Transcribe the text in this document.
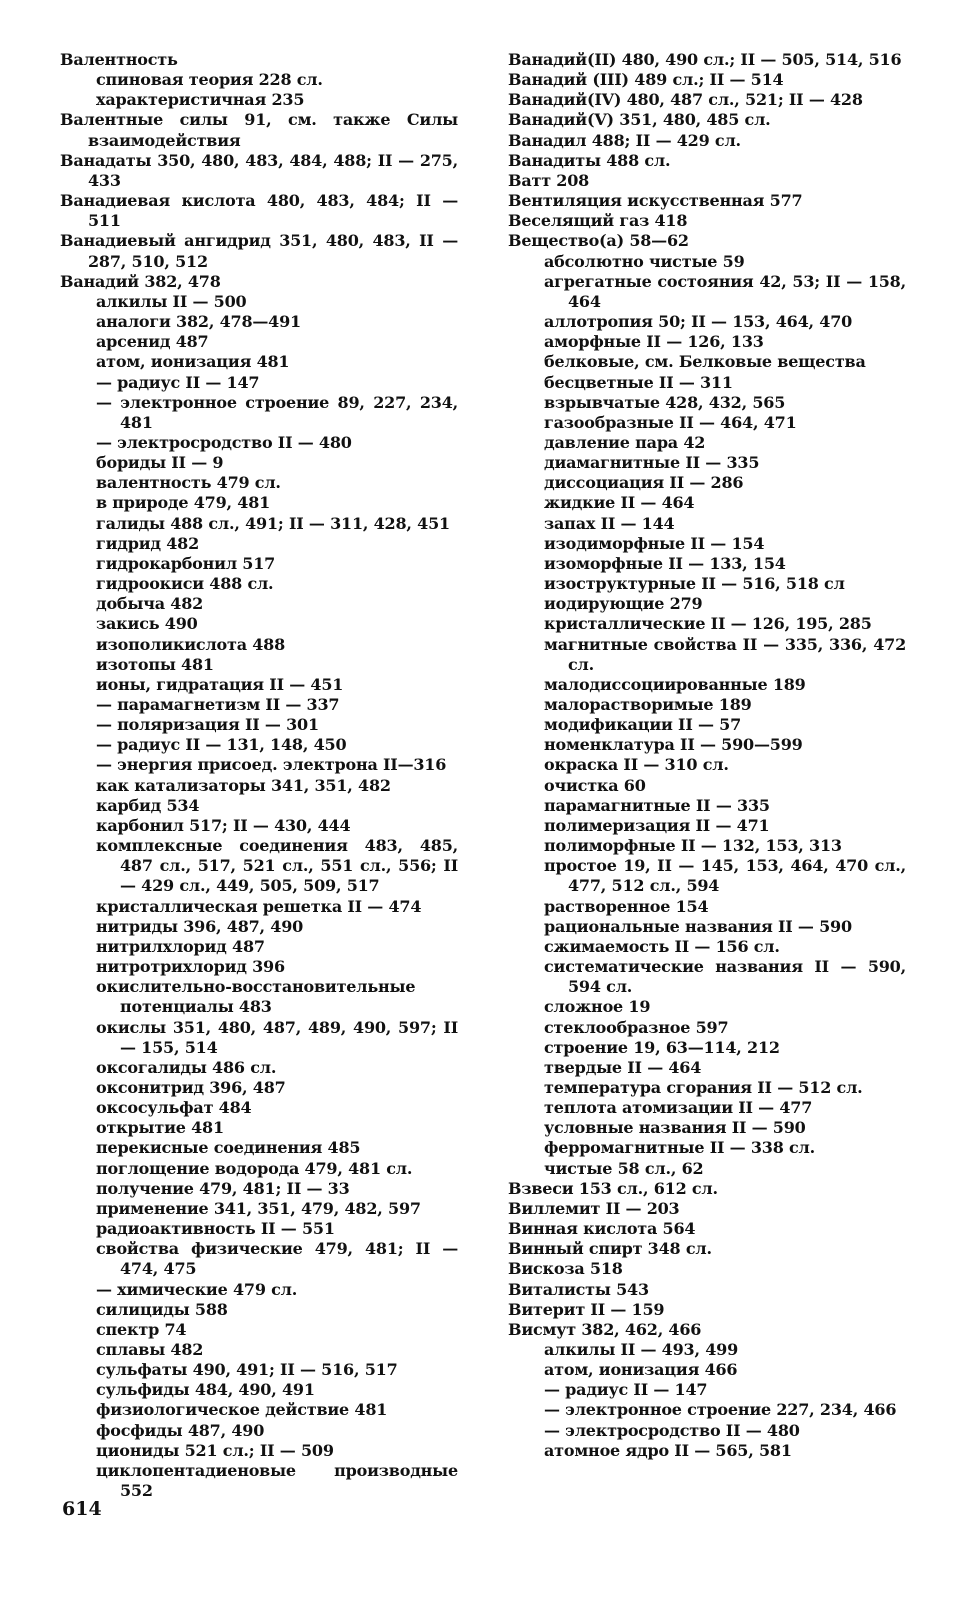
Валентность
спиновая теория 228 сл.
характеристичная 235
Валентные силы 91, см. также Силы взаимодействия
Ванадаты 350, 480, 483, 484, 488; II — 275, 433
Ванадиевая кислота 480, 483, 484; II — 511
Ванадиевый ангидрид 351, 480, 483, II — 287, 510, 512
Ванадий 382, 478
алкилы II — 500
аналоги 382, 478—491
арсенид 487
атом, ионизация 481
— радиус II — 147
— электронное строение 89, 227, 234, 481
— электросродство II — 480
бориды II — 9
валентность 479 сл.
в природе 479, 481
галиды 488 сл., 491; II — 311, 428, 451
гидрид 482
гидрокарбонил 517
гидроокиси 488 сл.
добыча 482
закись 490
изополикислота 488
изотопы 481
ионы, гидратация II — 451
— парамагнетизм II — 337
— поляризация II — 301
— радиус II — 131, 148, 450
— энергия присоед. электрона II—316
как катализаторы 341, 351, 482
карбид 534
карбонил 517; II — 430, 444
комплексные соединения 483, 485, 487 сл., 517, 521 сл., 551 сл., 556; II — 429 сл., 449, 505, 509, 517
кристаллическая решетка II — 474
нитриды 396, 487, 490
нитрилхлорид 487
нитротрихлорид 396
окислительно-восстановительные потенциалы 483
окислы 351, 480, 487, 489, 490, 597; II — 155, 514
оксогалиды 486 сл.
оксонитрид 396, 487
оксосульфат 484
открытие 481
перекисные соединения 485
поглощение водорода 479, 481 сл.
получение 479, 481; II — 33
применение 341, 351, 479, 482, 597
радиоактивность II — 551
свойства физические 479, 481; II — 474, 475
— химические 479 сл.
силициды 588
спектр 74
сплавы 482
сульфаты 490, 491; II — 516, 517
сульфиды 484, 490, 491
физиологическое действие 481
фосфиды 487, 490
циониды 521 сл.; II — 509
циклопентадиеновые производные 552
Ванадий(II) 480, 490 сл.; II — 505, 514, 516
Ванадий (III) 489 сл.; II — 514
Ванадий(IV) 480, 487 сл., 521; II — 428
Ванадий(V) 351, 480, 485 сл.
Ванадил 488; II — 429 сл.
Ванадиты 488 сл.
Ватт 208
Вентиляция искусственная 577
Веселящий газ 418
Вещество(а) 58—62
абсолютно чистые 59
агрегатные состояния 42, 53; II — 158, 464
аллотропия 50; II — 153, 464, 470
аморфные II — 126, 133
белковые, см. Белковые вещества
бесцветные II — 311
взрывчатые 428, 432, 565
газообразные II — 464, 471
давление пара 42
диамагнитные II — 335
диссоциация II — 286
жидкие II — 464
запах II — 144
изодиморфные II — 154
изоморфные II — 133, 154
изоструктурные II — 516, 518 сл
иодирующие 279
кристаллические II — 126, 195, 285
магнитные свойства II — 335, 336, 472 сл.
малодиссоциированные 189
малорастворимые 189
модификации II — 57
номенклатура II — 590—599
окраска II — 310 сл.
очистка 60
парамагнитные II — 335
полимеризация II — 471
полиморфные II — 132, 153, 313
простое 19, II — 145, 153, 464, 470 сл., 477, 512 сл., 594
растворенное 154
рациональные названия II — 590
сжимаемость II — 156 сл.
систематические названия II — 590, 594 сл.
сложное 19
стеклообразное 597
строение 19, 63—114, 212
твердые II — 464
температура сгорания II — 512 сл.
теплота атомизации II — 477
условные названия II — 590
ферромагнитные II — 338 сл.
чистые 58 сл., 62
Взвеси 153 сл., 612 сл.
Виллемит II — 203
Винная кислота 564
Винный спирт 348 сл.
Вискоза 518
Виталисты 543
Витерит II — 159
Висмут 382, 462, 466
алкилы II — 493, 499
атом, ионизация 466
— радиус II — 147
— электронное строение 227, 234, 466
— электросродство II — 480
атомное ядро II — 565, 581
614
